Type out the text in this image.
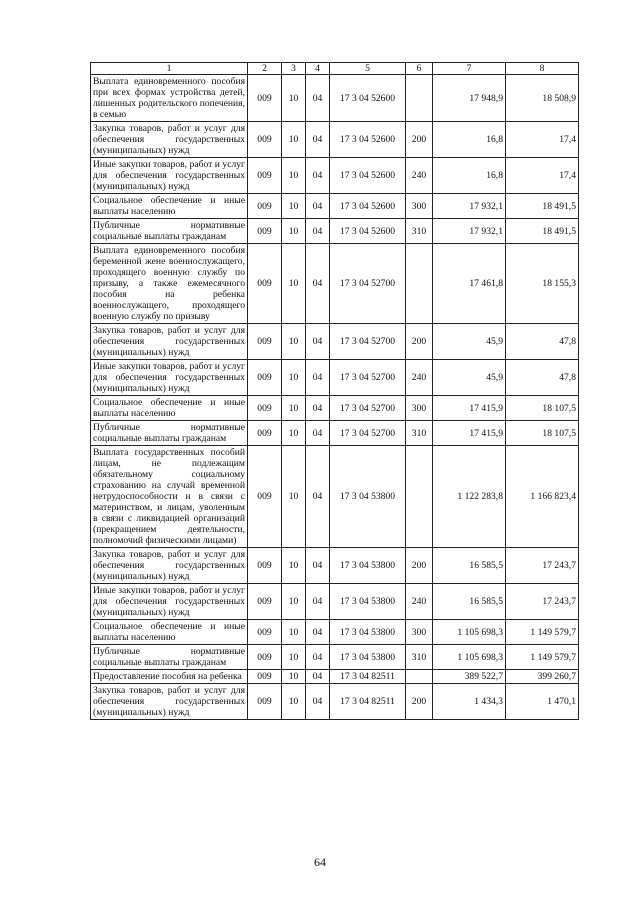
1	2	3	4	5	6	7	8
Выплата единовременного пособия при всех формах устройства детей, лишенных родительского попечения, в семью	009	10	04	17 3 04 52600		17 948,9	18 508,9
Закупка товаров, работ и услуг для обеспечения государственных (муниципальных) нужд	009	10	04	17 3 04 52600	200	16,8	17,4
Иные закупки товаров, работ и услуг для обеспечения государственных (муниципальных) нужд	009	10	04	17 3 04 52600	240	16,8	17,4
Социальное обеспечение и иные выплаты населению	009	10	04	17 3 04 52600	300	17 932,1	18 491,5
Публичные нормативные социальные выплаты гражданам	009	10	04	17 3 04 52600	310	17 932,1	18 491,5
Выплата единовременного пособия беременной жене военнослужащего, проходящего военную службу по призыву, а также ежемесячного пособия на ребенка военнослужащего, проходящего военную службу по призыву	009	10	04	17 3 04 52700		17 461,8	18 155,3
Закупка товаров, работ и услуг для обеспечения государственных (муниципальных) нужд	009	10	04	17 3 04 52700	200	45,9	47,8
Иные закупки товаров, работ и услуг для обеспечения государственных (муниципальных) нужд	009	10	04	17 3 04 52700	240	45,9	47,8
Социальное обеспечение и иные выплаты населению	009	10	04	17 3 04 52700	300	17 415,9	18 107,5
Публичные нормативные социальные выплаты гражданам	009	10	04	17 3 04 52700	310	17 415,9	18 107,5
Выплата государственных пособий лицам, не подлежащим обязательному социальному страхованию на случай временной нетрудоспособности и в связи с материнством, и лицам, уволенным в связи с ликвидацией организаций (прекращением деятельности, полномочий физическими лицами)	009	10	04	17 3 04 53800		1 122 283,8	1 166 823,4
Закупка товаров, работ и услуг для обеспечения государственных (муниципальных) нужд	009	10	04	17 3 04 53800	200	16 585,5	17 243,7
Иные закупки товаров, работ и услуг для обеспечения государственных (муниципальных) нужд	009	10	04	17 3 04 53800	240	16 585,5	17 243,7
Социальное обеспечение и иные выплаты населению	009	10	04	17 3 04 53800	300	1 105 698,3	1 149 579,7
Публичные нормативные социальные выплаты гражданам	009	10	04	17 3 04 53800	310	1 105 698,3	1 149 579,7
Предоставление пособия на ребенка	009	10	04	17 3 04 82511		389 522,7	399 260,7
Закупка товаров, работ и услуг для обеспечения государственных (муниципальных) нужд	009	10	04	17 3 04 82511	200	1 434,3	1 470,1
64
